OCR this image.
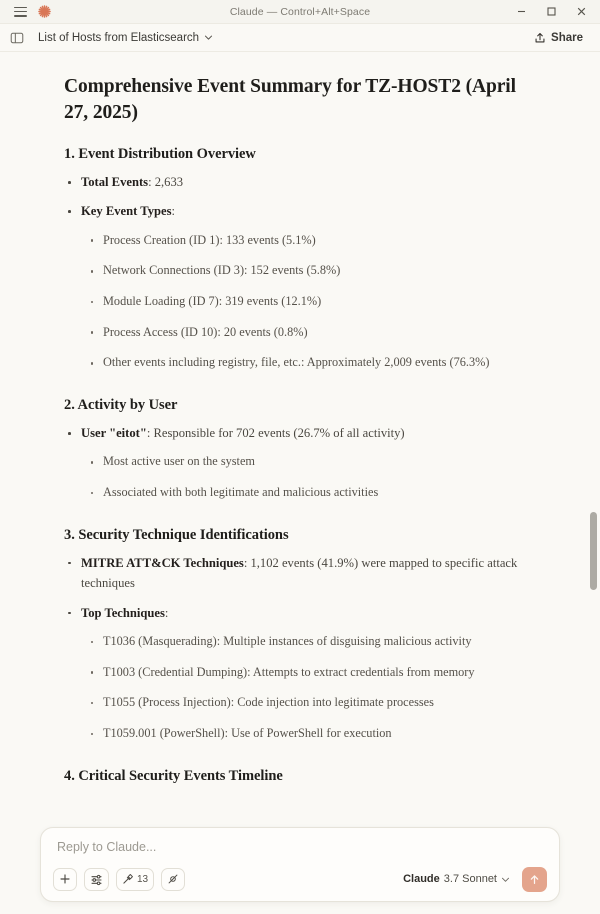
Claude — Control+Alt+Space
List of Hosts from Elasticsearch	Share
Comprehensive Event Summary for TZ-HOST2 (April 27, 2025)
1. Event Distribution Overview
Total Events: 2,633
Key Event Types:
Process Creation (ID 1): 133 events (5.1%)
Network Connections (ID 3): 152 events (5.8%)
Module Loading (ID 7): 319 events (12.1%)
Process Access (ID 10): 20 events (0.8%)
Other events including registry, file, etc.: Approximately 2,009 events (76.3%)
2. Activity by User
User "eitot": Responsible for 702 events (26.7% of all activity)
Most active user on the system
Associated with both legitimate and malicious activities
3. Security Technique Identifications
MITRE ATT&CK Techniques: 1,102 events (41.9%) were mapped to specific attack techniques
Top Techniques:
T1036 (Masquerading): Multiple instances of disguising malicious activity
T1003 (Credential Dumping): Attempts to extract credentials from memory
T1055 (Process Injection): Code injection into legitimate processes
T1059.001 (PowerShell): Use of PowerShell for execution
4. Critical Security Events Timeline
Reply to Claude...
13	Claude 3.7 Sonnet
